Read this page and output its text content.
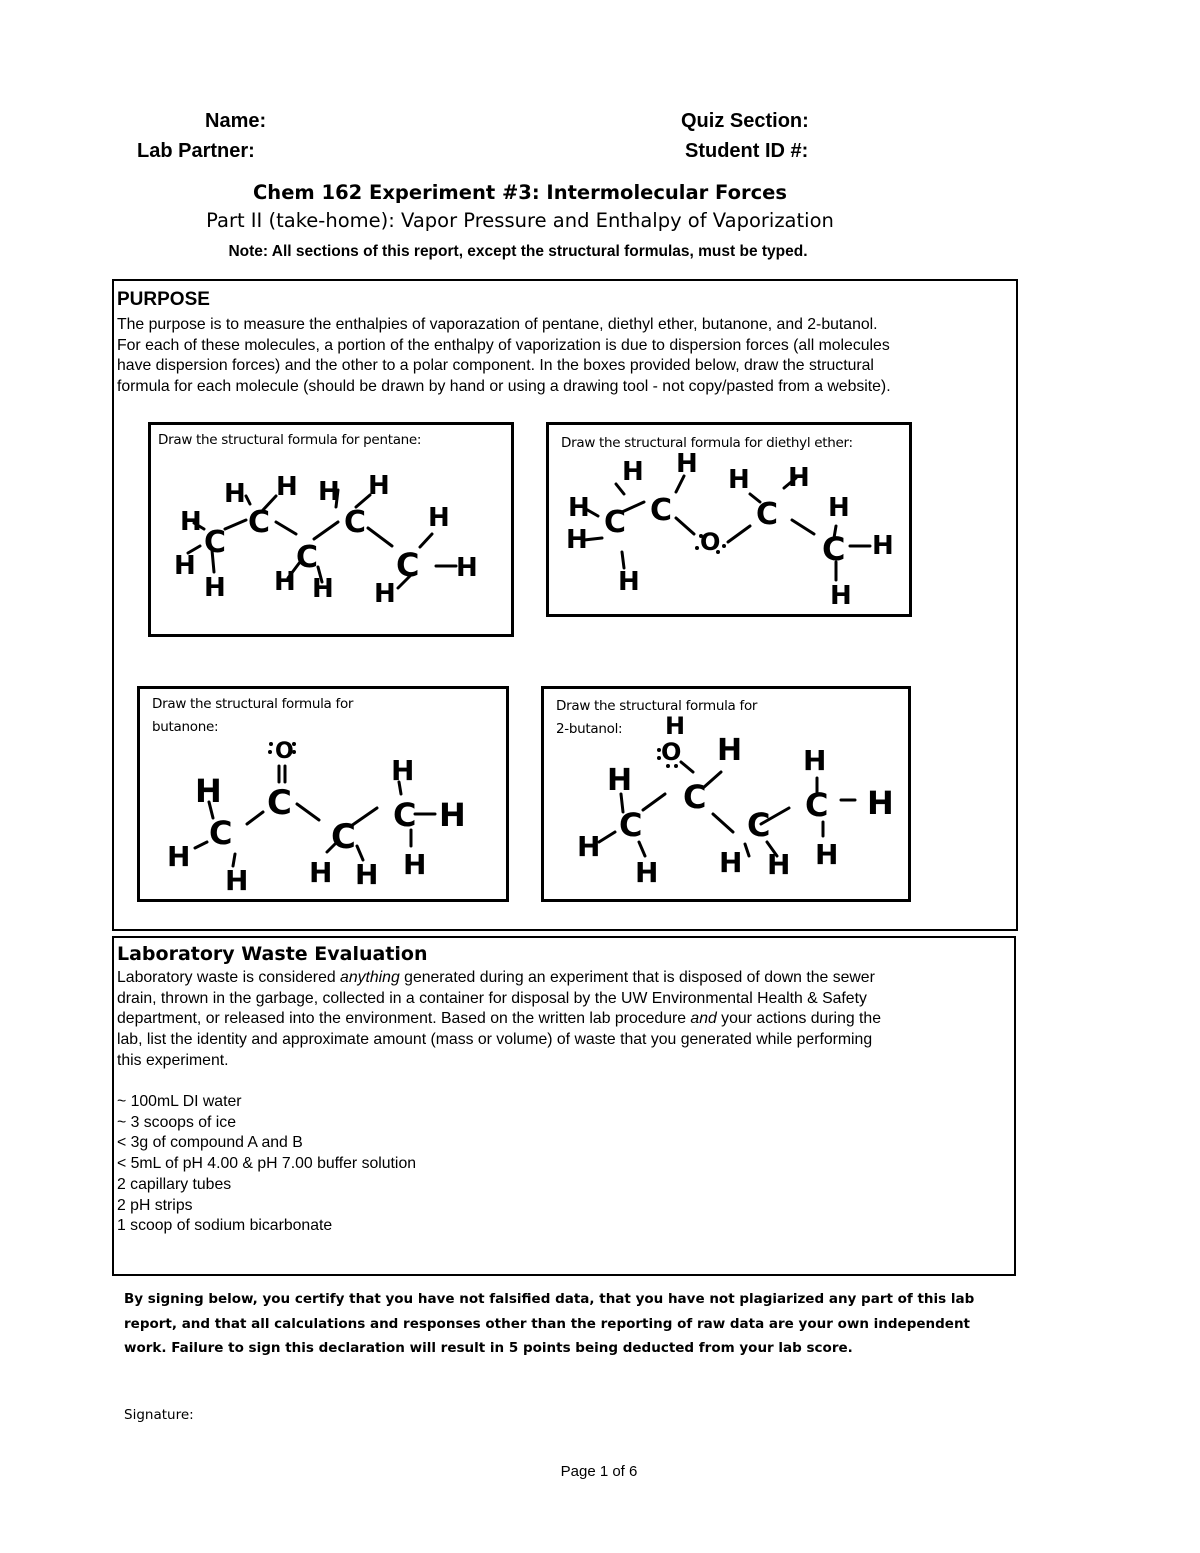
Name:
Lab Partner:
Quiz Section:
Student ID #:
Chem 162 Experiment #3: Intermolecular Forces
Part II (take-home): Vapor Pressure and Enthalpy of Vaporization
Note: All sections of this report, except the structural formulas, must be typed.
PURPOSE
The purpose is to measure the enthalpies of vaporazation of pentane, diethyl ether, butanone, and 2-butanol.
For each of these molecules, a portion of the enthalpy of vaporization is due to dispersion forces (all molecules
have dispersion forces) and the other to a polar component. In the boxes provided below, draw the structural
formula for each molecule (should be drawn by hand or using a drawing tool - not copy/pasted from a website).
Draw the structural formula for pentane:
H
H
C
H
H H
C
C
H H
H H
C H
C H
H
Draw the structural formula for diethyl ether:
H H
H
H C C
H
O
H H
C H
C H
H
Draw the structural formula for
butanone:
H
H
C
H
O
C
C
H
C H
H H H
Draw the structural formula for
2-butanol:	H
O H
H
H
C
H
C
C
H H
H
C H
H
Laboratory Waste Evaluation
Laboratory waste is considered anything generated during an experiment that is disposed of down the sewer
drain, thrown in the garbage, collected in a container for disposal by the UW Environmental Health & Safety
department, or released into the environment. Based on the written lab procedure and your actions during the
lab, list the identity and approximate amount (mass or volume) of waste that you generated while performing
this experiment.
~ 100mL DI water
~ 3 scoops of ice
< 3g of compound A and B
< 5mL of pH 4.00 & pH 7.00 buffer solution
2 capillary tubes
2 pH strips
1 scoop of sodium bicarbonate
By signing below, you certify that you have not falsified data, that you have not plagiarized any part of this lab
report, and that all calculations and responses other than the reporting of raw data are your own independent
work. Failure to sign this declaration will result in 5 points being deducted from your lab score.
Signature:
Page 1 of 6
